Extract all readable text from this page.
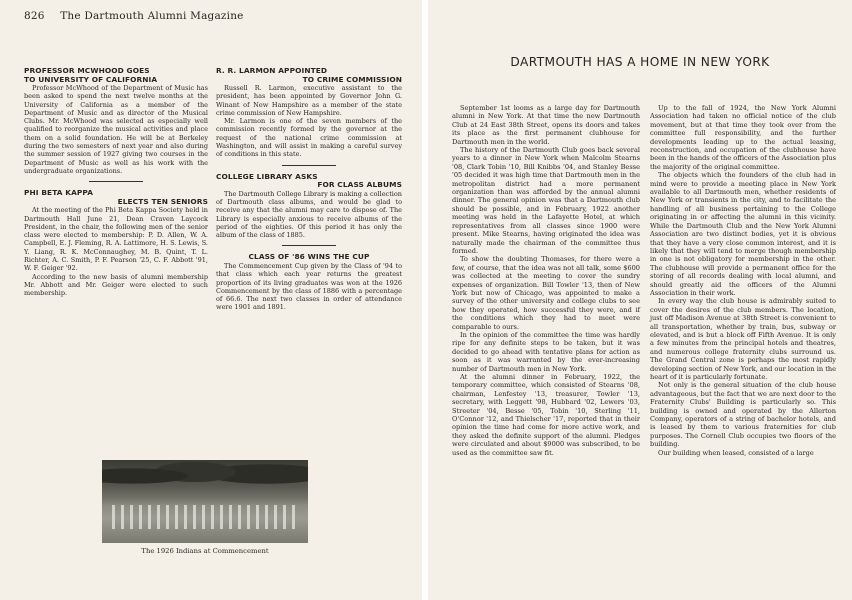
826 The Dartmouth Alumni Magazine
PROFESSOR MCWHOOD GOES
TO UNIVERSITY OF CALIFORNIA

Professor McWhood of the Department of Music has been asked to spend the next twelve months at the University of California as a member of the Department of Music and as director of the Musical Clubs. Mr. McWhood was selected as especially well qualified to reorganize the musical activities and place them on a solid foundation. He will be at Berkeley during the two semesters of next year and also during the summer session of 1927 giving two courses in the Department of Music as well as his work with the undergraduate organizations.

PHI BETA KAPPA
ELECTS TEN SENIORS

At the meeting of the Phi Beta Kappa Society held in Dartmouth Hall June 21, Dean Craven Laycock President, in the chair, the following men of the senior class were elected to membership: P. D. Allen, W. A. Campbell, E. J. Fleming, R. A. Lattimore, H. S. Lewis, S. Y. Liang, R. K. McConnaughey, M. B. Quint, T. L. Richter, A. C. Smith, P. F. Pearson '25, C. F. Abbott '91, W. F. Geiger '92.

According to the new basis of alumni membership Mr. Abbott and Mr. Geiger were elected to such membership.

R. R. LARMON APPOINTED
TO CRIME COMMISSION

Russell R. Larmon, executive assistant to the president, has been appointed by Governor John G. Winant of New Hampshire as a member of the state crime commission of New Hampshire.

Mr. Larmon is one of the seven members of the commission recently formed by the governor at the request of the national crime commission at Washington, and will assist in making a careful survey of conditions in this state.

COLLEGE LIBRARY ASKS
FOR CLASS ALBUMS

The Dartmouth College Library is making a collection of Dartmouth class albums, and would be glad to receive any that the alumni may care to dispose of. The Library is especially anxious to receive albums of the period of the eighties. Of this period it has only the album of the class of 1885.

CLASS OF '86 WINS THE CUP

The Commencement Cup given by the Class of '94 to that class which each year returns the greatest proportion of its living graduates was won at the 1926 Commencement by the class of 1886 with a percentage of 66.6. The next two classes in order of attendance were 1901 and 1891.

The 1926 Indians at Commencement
DARTMOUTH HAS A HOME IN NEW YORK

September 1st looms as a large day for Dartmouth alumni in New York. At that time the new Dartmouth Club at 24 East 38th Street, opens its doors and takes its place as the first permanent clubhouse for Dartmouth men in the world.

The history of the Dartmouth Club goes back several years to a dinner in New York when Malcolm Stearns '08, Clark Tobin '10, Bill Knibbs '04, and Stanley Besse '05 decided it was high time that Dartmouth men in the metropolitan district had a more permanent organization than was afforded by the annual alumni dinner. The general opinion was that a Dartmouth club should be possible, and in February, 1922 another meeting was held in the Lafayette Hotel, at which representatives from all classes since 1900 were present. Mike Stearns, having originated the idea was naturally made the chairman of the committee thus formed.

To show the doubting Thomases, for there were a few, of course, that the idea was not all talk, some $600 was collected at the meeting to cover the sundry expenses of organization. Bill Towler '13, then of New York but now of Chicago, was appointed to make a survey of the other university and college clubs to see how they operated, how successful they were, and if the conditions which they had to meet were comparable to ours.

In the opinion of the committee the time was hardly ripe for any definite steps to be taken, but it was decided to go ahead with tentative plans for action as soon as it was warranted by the ever-increasing number of Dartmouth men in New York.

At the alumni dinner in February, 1922, the temporary committee, which consisted of Stearns '08, chairman, Lenfestey '13, treasurer, Towler '13, secretary, with Leggett '98, Hubbard '02, Lewers '03, Streeter '04, Besse '05, Tobin '10, Sterling '11, O'Connor '12, and Thielscher '17, reported that in their opinion the time had come for more active work, and they asked the definite support of the alumni. Pledges were circulated and about $9000 was subscribed, to be used as the committee saw fit.

Up to the fall of 1924, the New York Alumni Association had taken no official notice of the club movement, but at that time they took over from the committee full responsibility, and the further developments leading up to the actual leasing, reconstruction, and occupation of the clubhouse have been in the hands of the officers of the Association plus the majority of the original committee.

The objects which the founders of the club had in mind were to provide a meeting place in New York available to all Dartmouth men, whether residents of New York or transients in the city, and to facilitate the handling of all business pertaining to the College originating in or affecting the alumni in this vicinity. While the Dartmouth Club and the New York Alumni Association are two distinct bodies, yet it is obvious that they have a very close common interest, and it is likely that they will tend to merge though membership in one is not obligatory for membership in the other. The clubhouse will provide a permanent office for the storing of all records dealing with local alumni, and should greatly aid the officers of the Alumni Association in their work.

In every way the club house is admirably suited to cover the desires of the club members. The location, just off Madison Avenue at 38th Street is convenient to all transportation, whether by train, bus, subway or elevated, and is but a block off Fifth Avenue. It is only a few minutes from the principal hotels and theatres, and numerous college fraternity clubs surround us. The Grand Central zone is perhaps the most rapidly developing section of New York, and our location in the heart of it is particularly fortunate.

Not only is the general situation of the club house advantageous, but the fact that we are next door to the Fraternity Clubs' Building is particularly so. This building is owned and operated by the Allerton Company, operators of a string of bachelor hotels, and is leased by them to various fraternities for club purposes. The Cornell Club occupies two floors of the building.

Our building when leased, consisted of a large
